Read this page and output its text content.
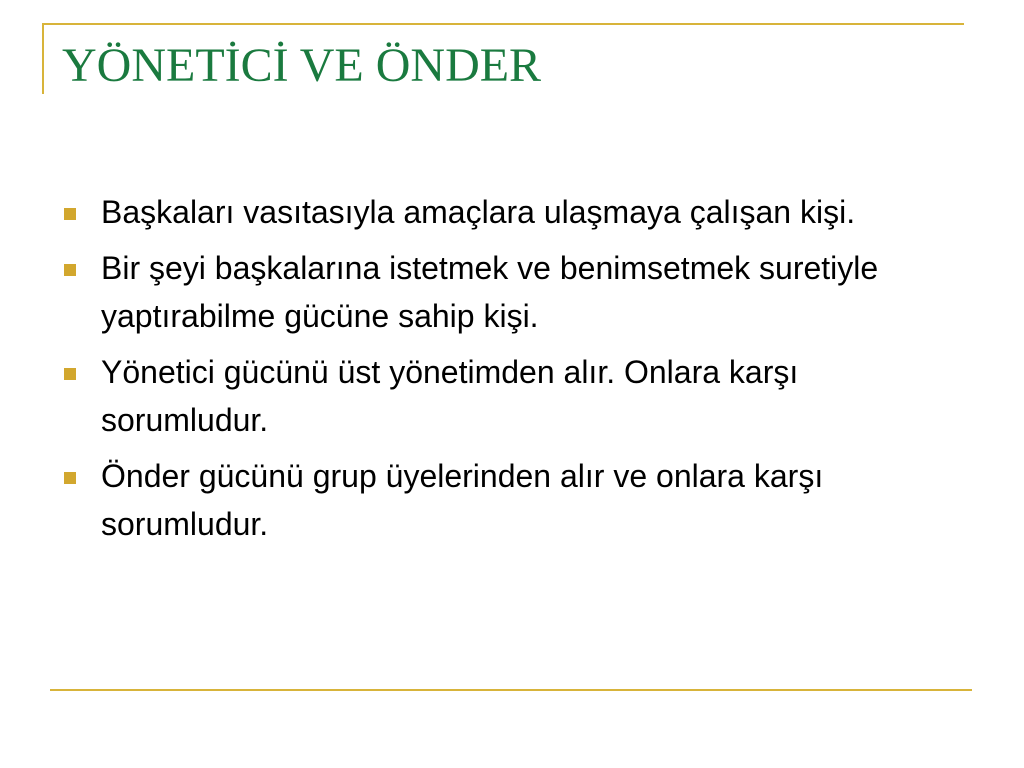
YÖNETİCİ VE ÖNDER
Başkaları vasıtasıyla amaçlara ulaşmaya çalışan kişi.
Bir şeyi başkalarına istetmek ve benimsetmek suretiyle yaptırabilme gücüne sahip kişi.
Yönetici gücünü üst yönetimden alır. Onlara karşı sorumludur.
Önder gücünü grup üyelerinden alır ve onlara karşı sorumludur.
